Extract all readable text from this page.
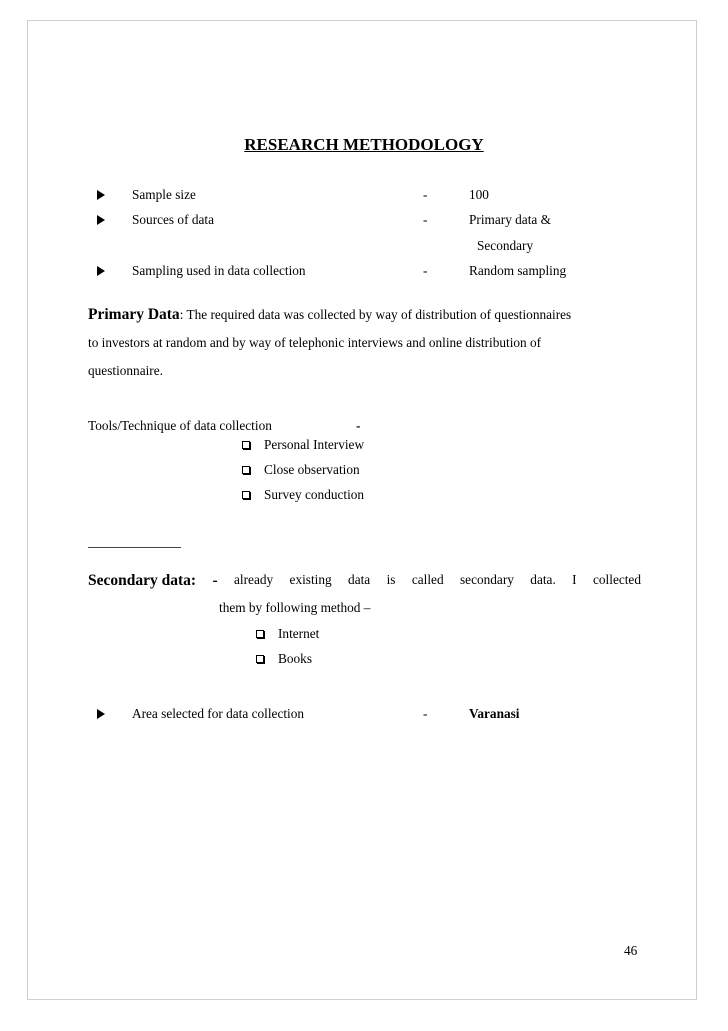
RESEARCH METHODOLOGY
Sample size	-	100
Sources of data	-	Primary data &
Secondary
Sampling used in data collection	-	Random sampling
Primary Data: The required data was collected by way of distribution of questionnaires
to investors at random and by way of telephonic interviews and online distribution of
questionnaire.
Tools/Technique of data collection	-
Personal Interview
Close observation
Survey conduction
Secondary data: - already existing data is called secondary data. I collected
them by following method –
Internet
Books
Area selected for data collection	-	Varanasi
46
